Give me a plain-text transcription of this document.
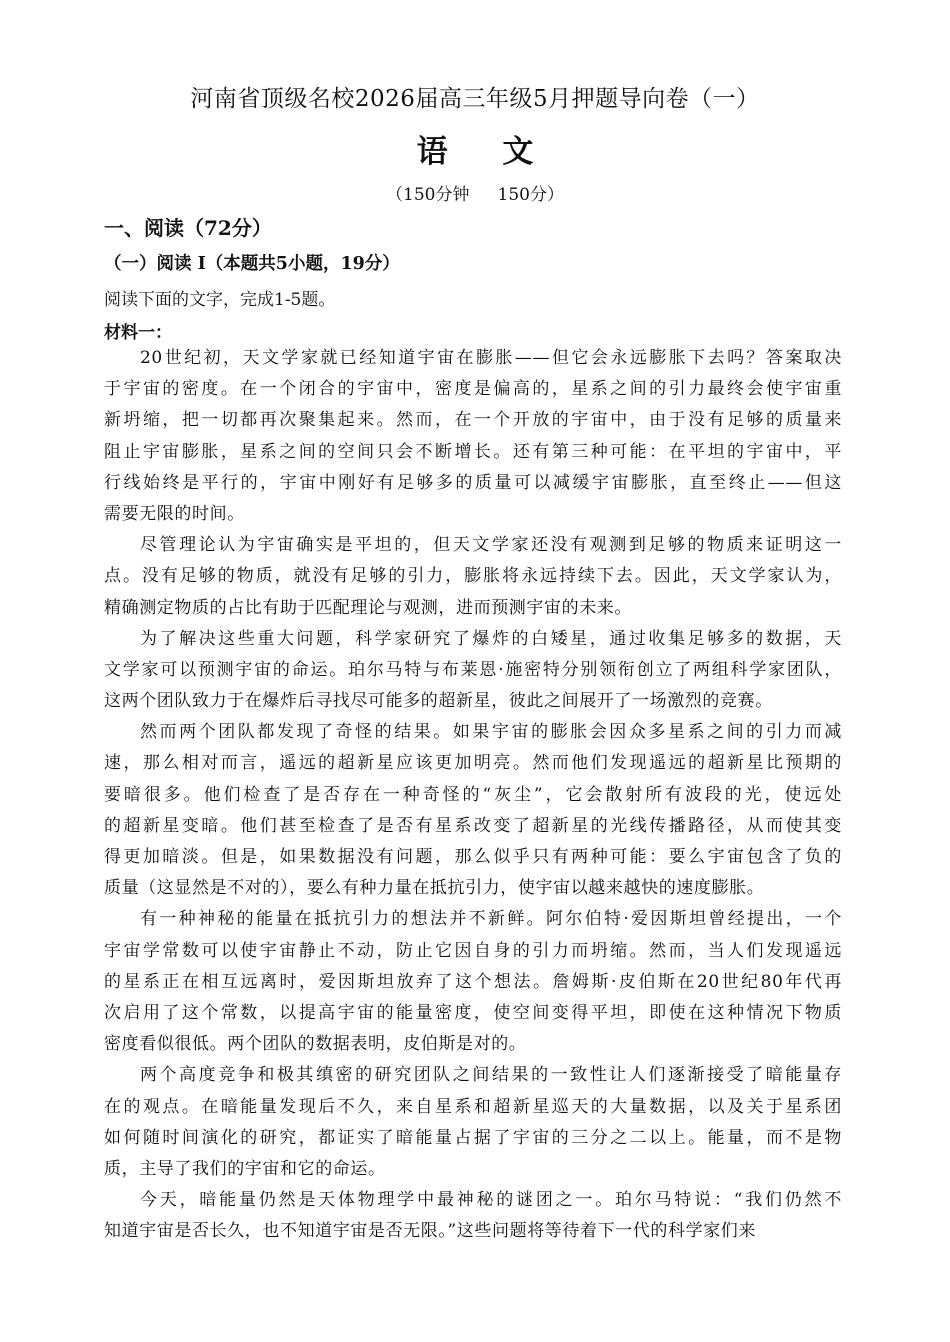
河南省顶级名校2026届高三年级5月押题导向卷（一）
语 文
（150分钟 150分）
一、阅读（72分）
（一）阅读 I（本题共5小题，19分）
阅读下面的文字，完成1-5题。
材料一：
20世纪初，天文学家就已经知道宇宙在膨胀——但它会永远膨胀下去吗？答案取决
于宇宙的密度。在一个闭合的宇宙中，密度是偏高的，星系之间的引力最终会使宇宙重
新坍缩，把一切都再次聚集起来。然而，在一个开放的宇宙中，由于没有足够的质量来
阻止宇宙膨胀，星系之间的空间只会不断增长。还有第三种可能：在平坦的宇宙中，平
行线始终是平行的，宇宙中刚好有足够多的质量可以减缓宇宙膨胀，直至终止——但这
需要无限的时间。
尽管理论认为宇宙确实是平坦的，但天文学家还没有观测到足够的物质来证明这一
点。没有足够的物质，就没有足够的引力，膨胀将永远持续下去。因此，天文学家认为，
精确测定物质的占比有助于匹配理论与观测，进而预测宇宙的未来。
为了解决这些重大问题，科学家研究了爆炸的白矮星，通过收集足够多的数据，天
文学家可以预测宇宙的命运。珀尔马特与布莱恩·施密特分别领衔创立了两组科学家团队，
这两个团队致力于在爆炸后寻找尽可能多的超新星，彼此之间展开了一场激烈的竞赛。
然而两个团队都发现了奇怪的结果。如果宇宙的膨胀会因众多星系之间的引力而减
速，那么相对而言，遥远的超新星应该更加明亮。然而他们发现遥远的超新星比预期的
要暗很多。他们检查了是否存在一种奇怪的“灰尘”，它会散射所有波段的光，使远处
的超新星变暗。他们甚至检查了是否有星系改变了超新星的光线传播路径，从而使其变
得更加暗淡。但是，如果数据没有问题，那么似乎只有两种可能：要么宇宙包含了负的
质量（这显然是不对的），要么有种力量在抵抗引力，使宇宙以越来越快的速度膨胀。
有一种神秘的能量在抵抗引力的想法并不新鲜。阿尔伯特·爱因斯坦曾经提出，一个
宇宙学常数可以使宇宙静止不动，防止它因自身的引力而坍缩。然而，当人们发现遥远
的星系正在相互远离时，爱因斯坦放弃了这个想法。詹姆斯·皮伯斯在20世纪80年代再
次启用了这个常数，以提高宇宙的能量密度，使空间变得平坦，即使在这种情况下物质
密度看似很低。两个团队的数据表明，皮伯斯是对的。
两个高度竞争和极其缜密的研究团队之间结果的一致性让人们逐渐接受了暗能量存
在的观点。在暗能量发现后不久，来自星系和超新星巡天的大量数据，以及关于星系团
如何随时间演化的研究，都证实了暗能量占据了宇宙的三分之二以上。能量，而不是物
质，主导了我们的宇宙和它的命运。
今天，暗能量仍然是天体物理学中最神秘的谜团之一。珀尔马特说：“我们仍然不
知道宇宙是否长久，也不知道宇宙是否无限。”这些问题将等待着下一代的科学家们来
